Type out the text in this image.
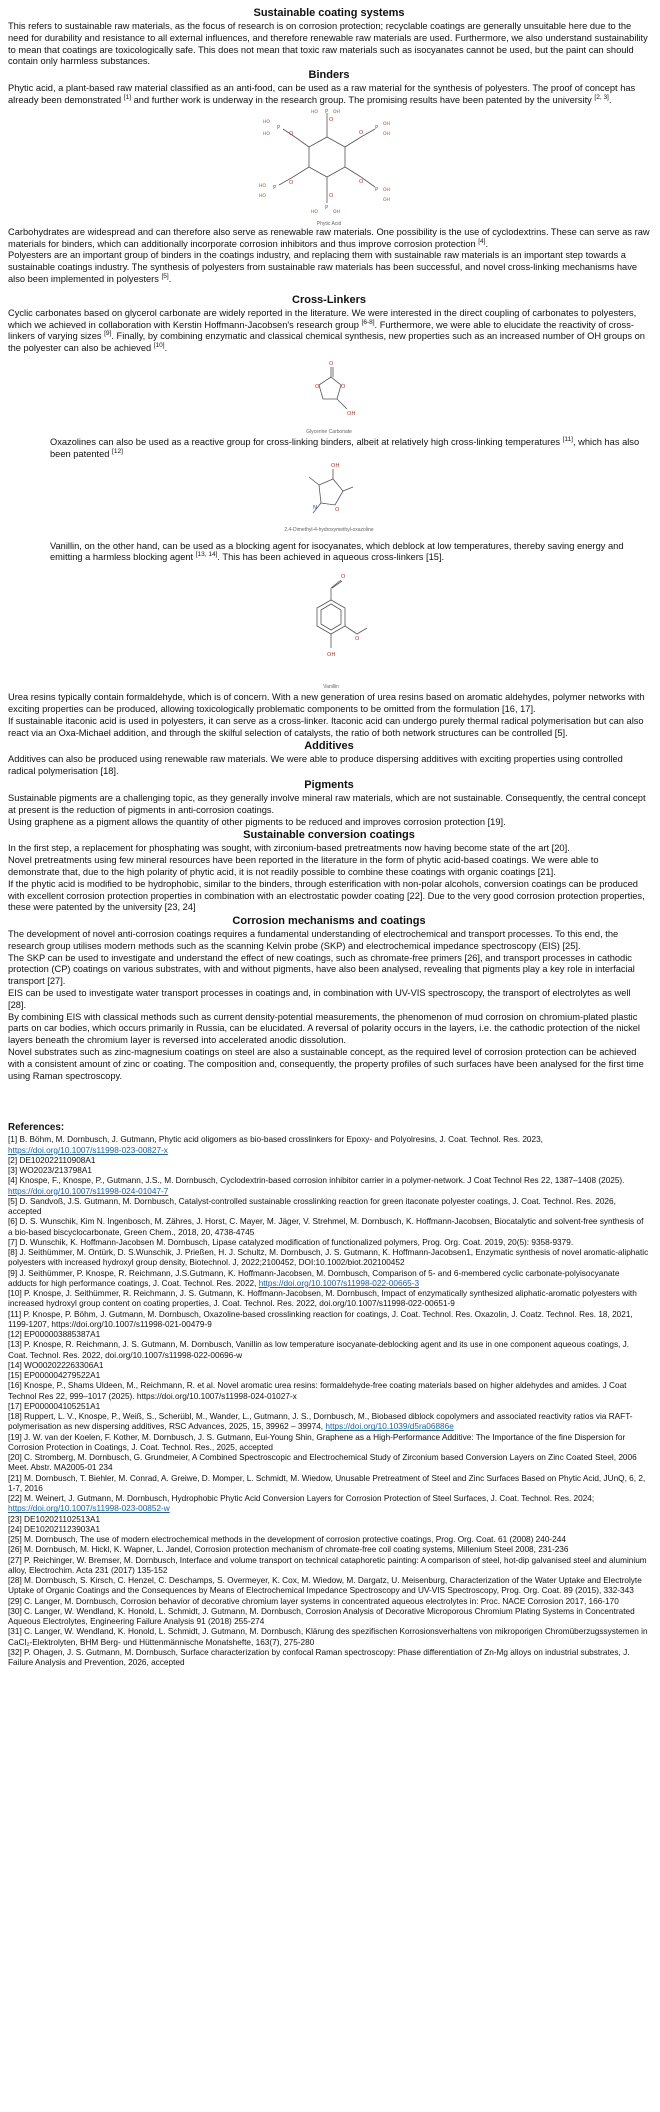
Sustainable coating systems

This refers to sustainable raw materials, as the focus of research is on corrosion protection; recyclable coatings are generally unsuitable here due to the need for durability and resistance to all external influences, and therefore renewable raw materials are used. Furthermore, we also understand sustainability to mean that coatings are toxicologically safe. This does not mean that toxic raw materials such as isocyanates cannot be used, but the paint can should contain only harmless substances.

Binders

Phytic acid, a plant-based raw material classified as an anti-food, can be used as a raw material for the synthesis of polyesters. The proof of concept has already been demonstrated [1] and further work is underway in the research group. The promising results have been patented by the university [2, 3].

O
O
O
O
O
O
P
P
P
P
P
P
HO
HO
OH
HO
OH
OH
OH
OH
OH
HO
HO
HO
Phytic Acid

Carbohydrates are widespread and can therefore also serve as renewable raw materials. One possibility is the use of cyclodextrins. These can serve as raw materials for binders, which can additionally incorporate corrosion inhibitors and thus improve corrosion protection [4].

Polyesters are an important group of binders in the coatings industry, and replacing them with sustainable raw materials is an important step towards a sustainable coatings industry. The synthesis of polyesters from sustainable raw materials has been successful, and novel cross-linking mechanisms have also been implemented in polyesters [5].

Cross-Linkers

Cyclic carbonates based on glycerol carbonate are widely reported in the literature. We were interested in the direct coupling of carbonates to polyesters, which we achieved in collaboration with Kerstin Hoffmann-Jacobsen's research group [6-8]. Furthermore, we were able to elucidate the reactivity of cross-linkers of varying sizes [9]. Finally, by combining enzymatic and classical chemical synthesis, new properties such as an increased number of OH groups on the polyester can also be achieved [10].

O
O	O
OH
Glycerine Carbonate

Oxazolines can also be used as a reactive group for cross-linking binders, albeit at relatively high cross-linking temperatures [11], which has also been patented [12]

OH
O
N
2,4-Dimethyl-4-hydroxymethyl-oxazoline

Vanillin, on the other hand, can be used as a blocking agent for isocyanates, which deblock at low temperatures, thereby saving energy and emitting a harmless blocking agent [13, 14]. This has been achieved in aqueous cross-linkers [15].

O
O
OH
Vanillin

Urea resins typically contain formaldehyde, which is of concern. With a new generation of urea resins based on aromatic aldehydes, polymer networks with exciting properties can be produced, allowing toxicologically problematic components to be omitted from the formulation [16, 17].

If sustainable itaconic acid is used in polyesters, it can serve as a cross-linker. Itaconic acid can undergo purely thermal radical polymerisation but can also react via an Oxa-Michael addition, and through the skilful selection of catalysts, the ratio of both network structures can be controlled [5].

Additives

Additives can also be produced using renewable raw materials. We were able to produce dispersing additives with exciting properties using controlled radical polymerisation [18].

Pigments

Sustainable pigments are a challenging topic, as they generally involve mineral raw materials, which are not sustainable. Consequently, the central concept at present is the reduction of pigments in anti-corrosion coatings.

Using graphene as a pigment allows the quantity of other pigments to be reduced and improves corrosion protection [19].

Sustainable conversion coatings

In the first step, a replacement for phosphating was sought, with zirconium-based pretreatments now having become state of the art [20].

Novel pretreatments using few mineral resources have been reported in the literature in the form of phytic acid-based coatings. We were able to demonstrate that, due to the high polarity of phytic acid, it is not readily possible to combine these coatings with organic coatings [21].

If the phytic acid is modified to be hydrophobic, similar to the binders, through esterification with non-polar alcohols, conversion coatings can be produced with excellent corrosion protection properties in combination with an electrostatic powder coating [22]. Due to the very good corrosion protection properties, these were patented by the university [23, 24]

Corrosion mechanisms and coatings

The development of novel anti-corrosion coatings requires a fundamental understanding of electrochemical and transport processes. To this end, the research group utilises modern methods such as the scanning Kelvin probe (SKP) and electrochemical impedance spectroscopy (EIS) [25].

The SKP can be used to investigate and understand the effect of new coatings, such as chromate-free primers [26], and transport processes in cathodic protection (CP) coatings on various substrates, with and without pigments, have also been analysed, revealing that pigments play a key role in interfacial transport [27].

EIS can be used to investigate water transport processes in coatings and, in combination with UV-VIS spectroscopy, the transport of electrolytes as well [28].

By combining EIS with classical methods such as current density-potential measurements, the phenomenon of mud corrosion on chromium-plated plastic parts on car bodies, which occurs primarily in Russia, can be elucidated. A reversal of polarity occurs in the layers, i.e. the cathodic protection of the nickel layers beneath the chromium layer is reversed into accelerated anodic dissolution.

Novel substrates such as zinc-magnesium coatings on steel are also a sustainable concept, as the required level of corrosion protection can be achieved with a consistent amount of zinc or coating. The composition and, consequently, the property profiles of such surfaces have been analysed for the first time using Raman spectroscopy.

References:

[1] B. Böhm, M. Dornbusch, J. Gutmann, Phytic acid oligomers as bio-based crosslinkers for Epoxy- and Polyolresins, J. Coat. Technol. Res. 2023, https://doi.org/10.1007/s11998-023-00827-x

[2] DE102022110908A1

[3] WO2023/213798A1

[4] Knospe, F., Knospe, P., Gutmann, J.S., M. Dornbusch, Cyclodextrin-based corrosion inhibitor carrier in a polymer-network. J Coat Technol Res 22, 1387–1408 (2025). https://doi.org/10.1007/s11998-024-01047-7

[5] D. Sandvoß, J.S. Gutmann, M. Dornbusch, Catalyst-controlled sustainable crosslinking reaction for green itaconate polyester coatings, J. Coat. Technol. Res. 2026, accepted

[6] D. S. Wunschik, Kim N. Ingenbosch, M. Zähres, J. Horst, C. Mayer, M. Jäger, V. Strehmel, M. Dornbusch, K. Hoffmann-Jacobsen, Biocatalytic and solvent-free synthesis of a bio-based biscyclocarbonate, Green Chem., 2018, 20, 4738-4745

[7] D. Wunschik, K. Hoffmann-Jacobsen M. Dornbusch, Lipase catalyzed modification of functionalized polymers, Prog. Org. Coat. 2019, 20(5): 9358-9379.

[8] J. Seithümmer, M. Ontürk, D. S.Wunschik, J. Prießen, H. J. Schultz, M. Dornbusch, J. S. Gutmann, K. Hoffmann-Jacobsen1, Enzymatic synthesis of novel aromatic-aliphatic polyesters with increased hydroxyl group density, Biotechnol. J, 2022;2100452, DOI:10.1002/biot.202100452

[9] J. Seithümmer, P. Knospe, R. Reichmann, J.S.Gutmann, K. Hoffmann-Jacobsen, M. Dornbusch, Comparison of 5- and 6-membered cyclic carbonate-polyisocyanate adducts for high performance coatings, J. Coat. Technol. Res. 2022, https://doi.org/10.1007/s11998-022-00665-3

[10] P. Knospe, J. Seithümmer, R. Reichmann, J. S. Gutmann, K. Hoffmann-Jacobsen, M. Dornbusch, Impact of enzymatically synthesized aliphatic-aromatic polyesters with increased hydroxyl group content on coating properties, J. Coat. Technol. Res. 2022, doi.org/10.1007/s11998-022-00651-9

[11] P. Knospe, P. Böhm, J. Gutmann, M. Dornbusch, Oxazoline-based crosslinking reaction for coatings, J. Coat. Technol. Res. Oxazolin, J. Coatz. Technol. Res. 18, 2021, 1199-1207, https://doi.org/10.1007/s11998-021-00479-9

[12] EP000003885387A1

[13] P. Knospe, R. Reichmann, J. S. Gutmann, M. Dornbusch, Vanillin as low temperature isocyanate-deblocking agent and its use in one component aqueous coatings, J. Coat. Technol. Res. 2022, doi.org/10.1007/s11998-022-00696-w

[14] WO002022263306A1

[15] EP000004279522A1

[16] Knospe, P., Shams Uldeen, M., Reichmann, R. et al. Novel aromatic urea resins: formaldehyde-free coating materials based on higher aldehydes and amides. J Coat Technol Res 22, 999–1017 (2025). https://doi.org/10.1007/s11998-024-01027-x

[17] EP000004105251A1

[18] Ruppert, L. V., Knospe, P., Weiß, S., Scherübl, M., Wander, L., Gutmann, J. S., Dornbusch, M., Biobased diblock copolymers and associated reactivity ratios via RAFT-polymerisation as new dispersing additives, RSC Advances, 2025, 15, 39962 – 39974, https://doi.org/10.1039/d5ra06886e

[19] J. W. van der Koelen, F. Kother, M. Dornbusch, J. S. Gutmann, Eui-Young Shin, Graphene as a High-Performance Additive: The Importance of the fine Dispersion for Corrosion Protection in Coatings, J. Coat. Technol. Res., 2025, accepted

[20] C. Stromberg, M. Dornbusch, G. Grundmeier, A Combined Spectroscopic and Electrochemical Study of Zirconium based Conversion Layers on Zinc Coated Steel, 2006 Meet. Abstr. MA2005-01 234

[21] M. Dornbusch, T. Biehler, M. Conrad, A. Greiwe, D. Momper, L. Schmidt, M. Wiedow, Unusable Pretreatment of Steel and Zinc Surfaces Based on Phytic Acid, JUnQ, 6, 2, 1-7, 2016

[22] M. Weinert, J. Gutmann, M. Dornbusch, Hydrophobic Phytic Acid Conversion Layers for Corrosion Protection of Steel Surfaces, J. Coat. Technol. Res. 2024; https://doi.org/10.1007/s11998-023-00852-w

[23] DE102021102513A1

[24] DE102021123903A1

[25] M. Dornbusch, The use of modern electrochemical methods in the development of corrosion protective coatings, Prog. Org. Coat. 61 (2008) 240-244

[26] M. Dornbusch, M. Hickl, K. Wapner, L. Jandel, Corrosion protection mechanism of chromate-free coil coating systems, Millenium Steel 2008, 231-236

[27] P. Reichinger, W. Bremser, M. Dornbusch, Interface and volume transport on technical cataphoretic painting: A comparison of steel, hot-dip galvanised steel and aluminium alloy, Electrochim. Acta 231 (2017) 135-152

[28] M. Dornbusch, S. Kirsch, C. Henzel, C. Deschamps, S. Overmeyer, K. Cox, M. Wiedow, M. Dargatz, U. Meisenburg, Characterization of the Water Uptake and Electrolyte Uptake of Organic Coatings and the Consequences by Means of Electrochemical Impedance Spectroscopy and UV-VIS Spectroscopy, Prog. Org. Coat. 89 (2015), 332-343

[29] C. Langer, M. Dornbusch, Corrosion behavior of decorative chromium layer systems in concentrated aqueous electrolytes in: Proc. NACE Corrosion 2017, 166-170

[30] C. Langer, W. Wendland, K. Honold, L. Schmidt, J. Gutmann, M. Dornbusch, Corrosion Analysis of Decorative Microporous Chromium Plating Systems in Concentrated Aqueous Electrolytes, Engineering Failure Analysis 91 (2018) 255-274

[31] C. Langer, W. Wendland, K. Honold, L. Schmidt, J. Gutmann, M. Dornbusch, Klärung des spezifischen Korrosionsverhaltens von mikroporigen Chromüberzugssystemen in CaCl₂-Elektrolyten, BHM Berg- und Hüttenmännische Monatshefte, 163(7), 275-280

[32] P. Ohagen, J. S. Gutmann, M. Dornbusch, Surface characterization by confocal Raman spectroscopy: Phase differentiation of Zn-Mg alloys on industrial substrates, J. Failure Analysis and Prevention, 2026, accepted
